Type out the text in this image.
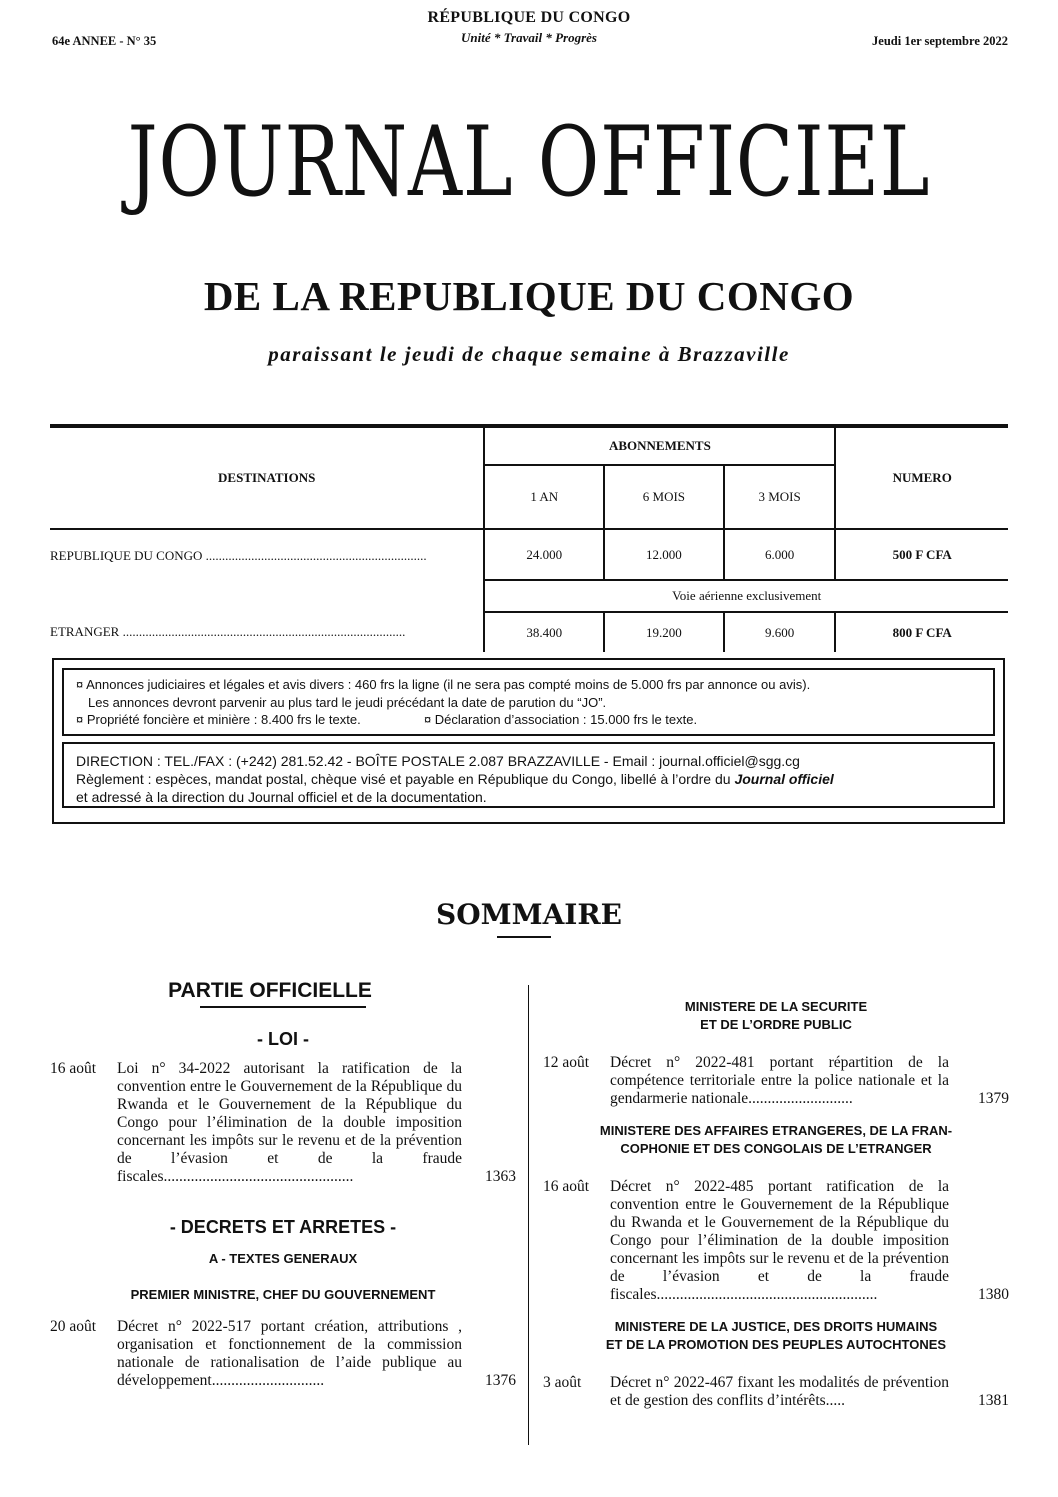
64e ANNEE - N° 35
RÉPUBLIQUE DU CONGO
Unité * Travail * Progrès	Jeudi 1er septembre 2022
JOURNAL OFFICIEL
DE LA REPUBLIQUE DU CONGO
paraissant le jeudi de chaque semaine à Brazzaville
DESTINATIONS	ABONNEMENTS			NUMERO
	1 AN	6 MOIS	3 MOIS	
REPUBLIQUE DU CONGO ....................................................................	24.000	12.000	6.000	500 F CFA
	Voie aérienne exclusivement			
ETRANGER .......................................................................................	38.400	19.200	9.600	800 F CFA
¤ Annonces judiciaires et légales et avis divers : 460 frs la ligne (il ne sera pas compté moins de 5.000 frs par annonce ou avis).
Les annonces devront parvenir au plus tard le jeudi précédant la date de parution du “JO”.
¤ Propriété foncière et minière : 8.400 frs le texte.	¤ Déclaration d’association : 15.000 frs le texte.
DIRECTION : TEL./FAX : (+242) 281.52.42 - BOÎTE POSTALE 2.087 BRAZZAVILLE - Email : journal.officiel@sgg.cg
Règlement : espèces, mandat postal, chèque visé et payable en République du Congo, libellé à l’ordre du Journal officiel
et adressé à la direction du Journal officiel et de la documentation.
SOMMAIRE
PARTIE OFFICIELLE
- LOI -
16 août Loi n° 34-2022 autorisant la ratification de la convention entre le Gouvernement de la République du Rwanda et le Gouvernement de la République du Congo pour l’élimination de la double imposition concernant les impôts sur le revenu et de la prévention de l’évasion et de la fraude fiscales.................................................	1363
- DECRETS ET ARRETES -
A - TEXTES GENERAUX
PREMIER MINISTRE, CHEF DU GOUVERNEMENT
20 août Décret n° 2022-517 portant création, attributions , organisation et fonctionnement de la commission nationale de rationalisation de l’aide publique au développement.............................	1376
MINISTERE DE LA SECURITE
ET DE L’ORDRE PUBLIC
12 août Décret n° 2022-481 portant répartition de la compétence territoriale entre la police nationale et la gendarmerie nationale...........................	1379
MINISTERE DES AFFAIRES ETRANGERES, DE LA FRAN-
COPHONIE ET DES CONGOLAIS DE L’ETRANGER
16 août Décret n° 2022-485 portant ratification de la convention entre le Gouvernement de la République du Rwanda et le Gouvernement de la République du Congo pour l’élimination de la double imposition concernant les impôts sur le revenu et de la prévention de l’évasion et de la fraude fiscales.........................................................	1380
MINISTERE DE LA JUSTICE, DES DROITS HUMAINS
ET DE LA PROMOTION DES PEUPLES AUTOCHTONES
3 août Décret n° 2022-467 fixant les modalités de prévention et de gestion des conflits d’intérêts.....	1381
